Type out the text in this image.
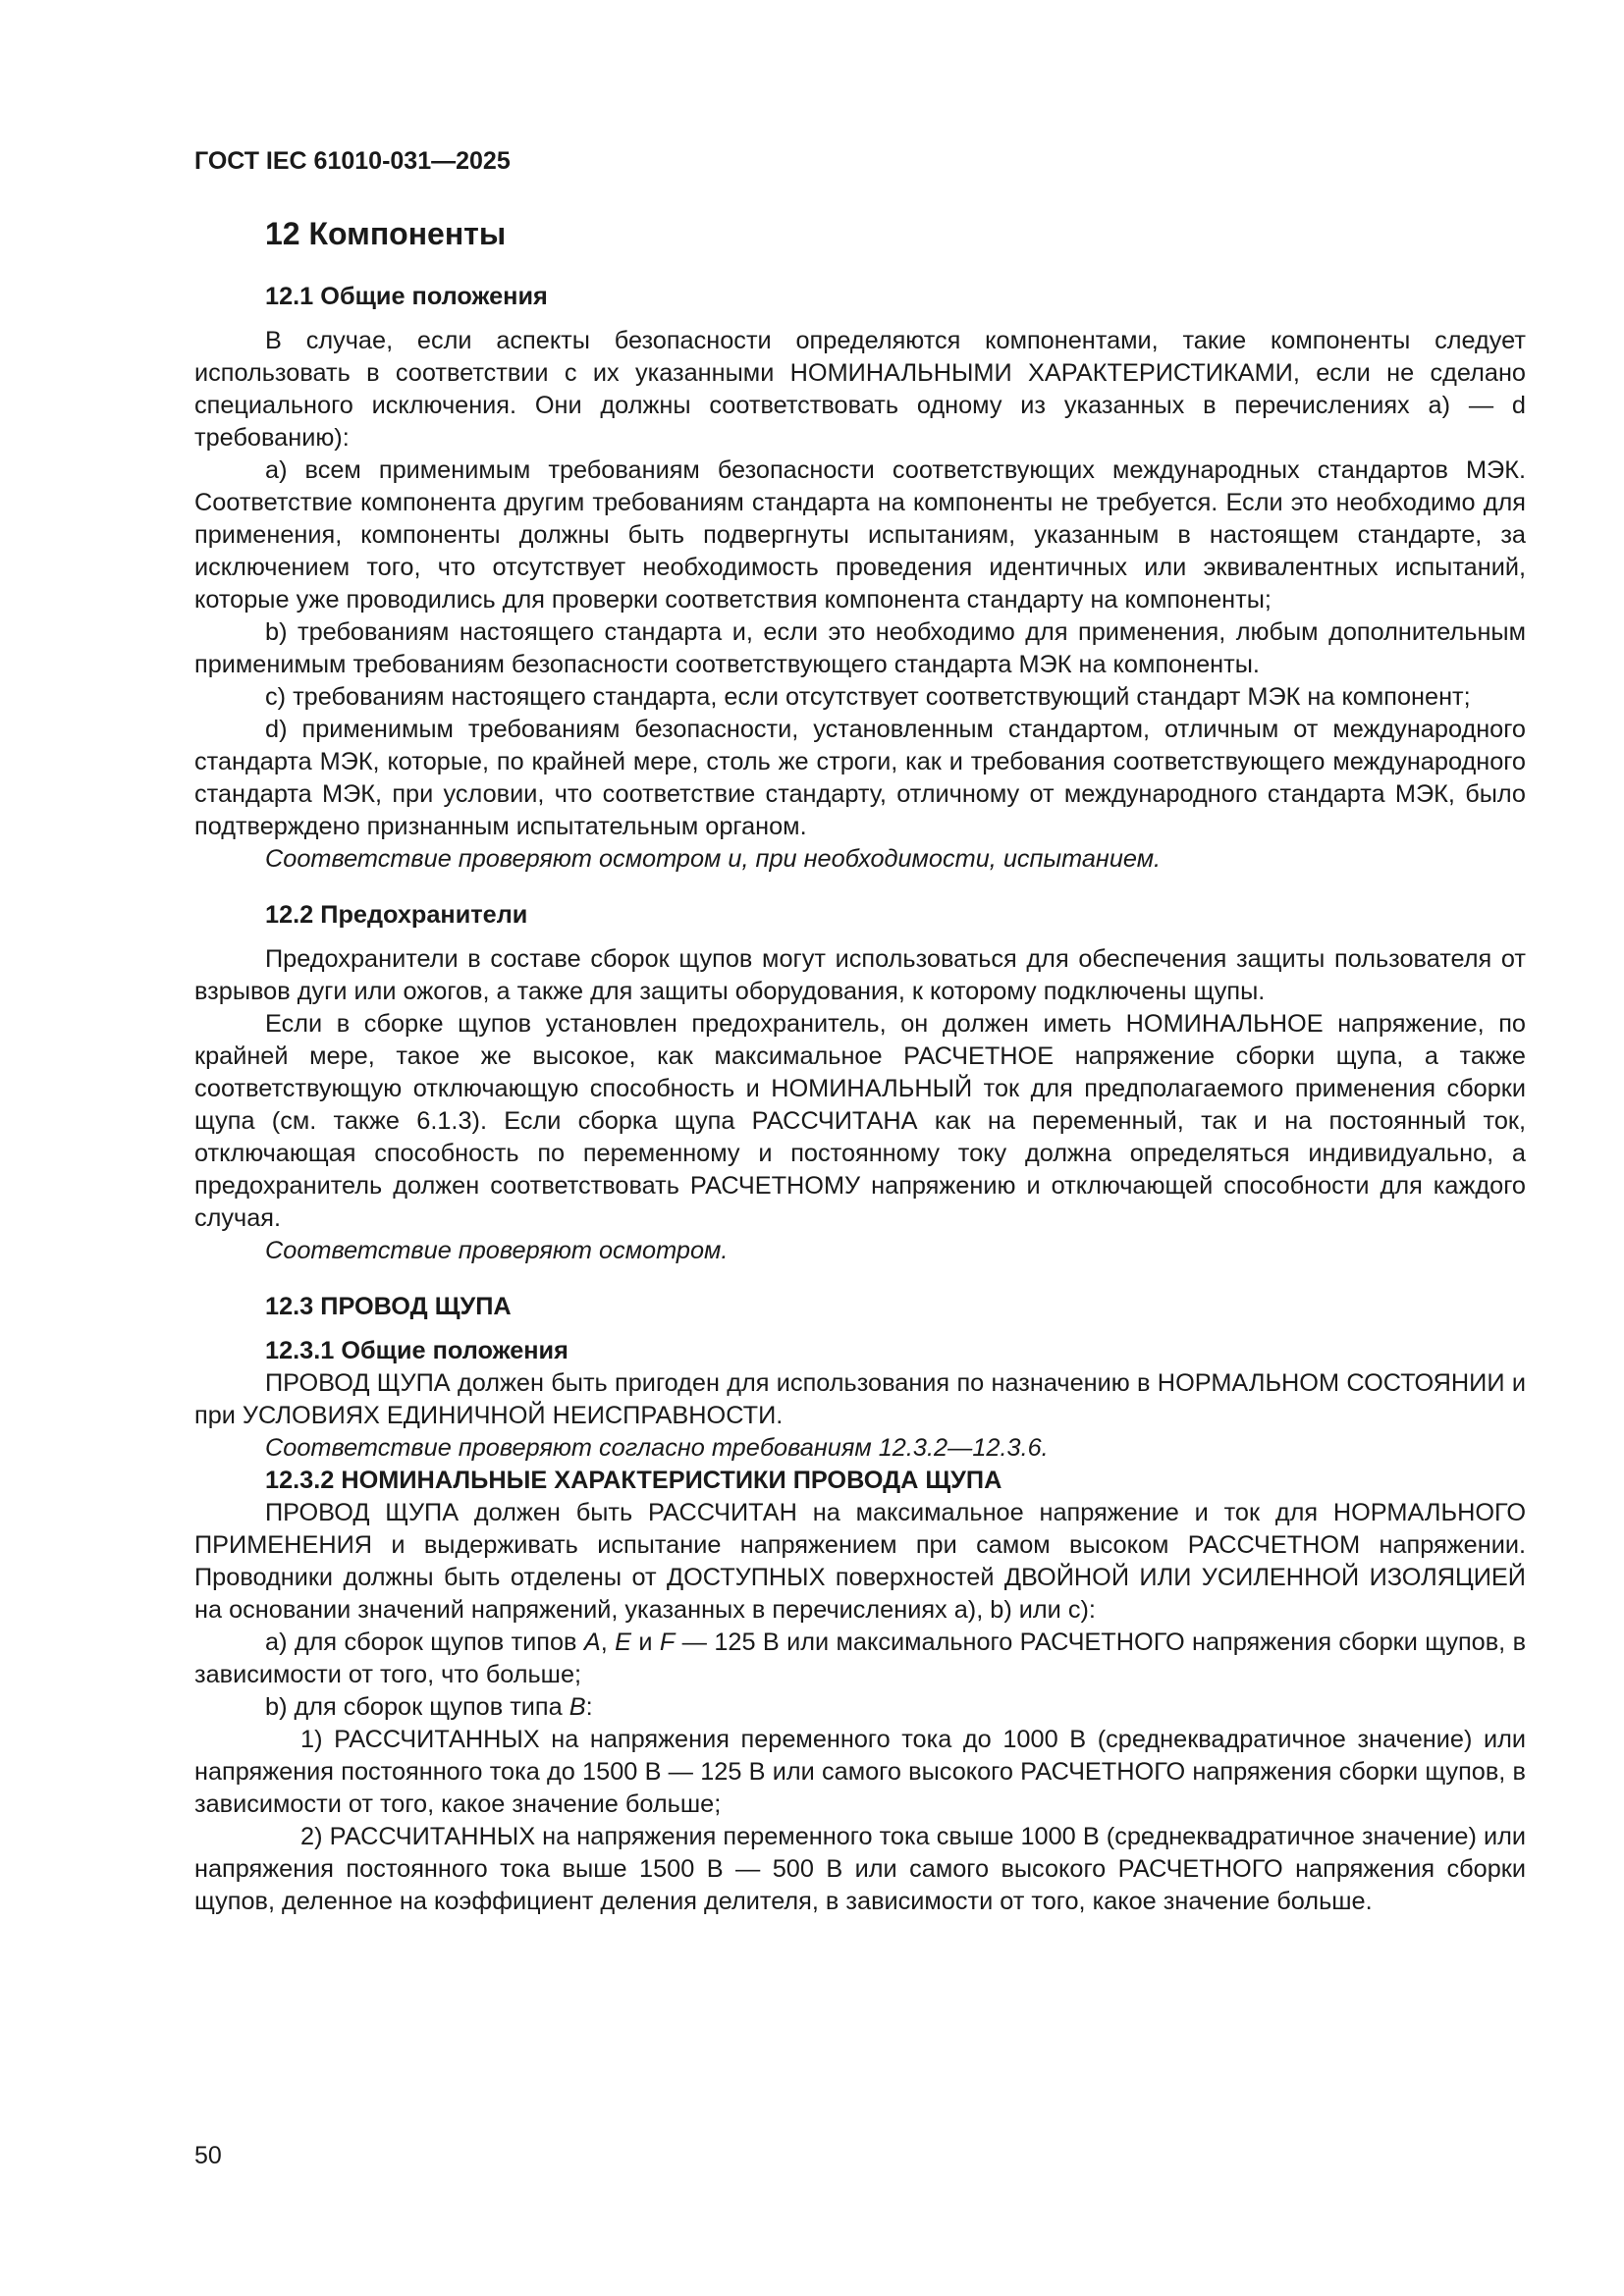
ГОСТ IEC 61010-031—2025
12 Компоненты
12.1 Общие положения

В случае, если аспекты безопасности определяются компонентами, такие компоненты следует использовать в соответствии с их указанными НОМИНАЛЬНЫМИ ХАРАКТЕРИСТИКАМИ, если не сделано специального исключения. Они должны соответствовать одному из указанных в перечислениях a) — d требованию):

a) всем применимым требованиям безопасности соответствующих международных стандартов МЭК. Соответствие компонента другим требованиям стандарта на компоненты не требуется. Если это необходимо для применения, компоненты должны быть подвергнуты испытаниям, указанным в настоящем стандарте, за исключением того, что отсутствует необходимость проведения идентичных или эквивалентных испытаний, которые уже проводились для проверки соответствия компонента стандарту на компоненты;

b) требованиям настоящего стандарта и, если это необходимо для применения, любым дополнительным применимым требованиям безопасности соответствующего стандарта МЭК на компоненты.

c) требованиям настоящего стандарта, если отсутствует соответствующий стандарт МЭК на компонент;

d) применимым требованиям безопасности, установленным стандартом, отличным от международного стандарта МЭК, которые, по крайней мере, столь же строги, как и требования соответствующего международного стандарта МЭК, при условии, что соответствие стандарту, отличному от международного стандарта МЭК, было подтверждено признанным испытательным органом.

Соответствие проверяют осмотром и, при необходимости, испытанием.

12.2 Предохранители

Предохранители в составе сборок щупов могут использоваться для обеспечения защиты пользователя от взрывов дуги или ожогов, а также для защиты оборудования, к которому подключены щупы.

Если в сборке щупов установлен предохранитель, он должен иметь НОМИНАЛЬНОЕ напряжение, по крайней мере, такое же высокое, как максимальное РАСЧЕТНОЕ напряжение сборки щупа, а также соответствующую отключающую способность и НОМИНАЛЬНЫЙ ток для предполагаемого применения сборки щупа (см. также 6.1.3). Если сборка щупа РАССЧИТАНА как на переменный, так и на постоянный ток, отключающая способность по переменному и постоянному току должна определяться индивидуально, а предохранитель должен соответствовать РАСЧЕТНОМУ напряжению и отключающей способности для каждого случая.

Соответствие проверяют осмотром.

12.3 ПРОВОД ЩУПА
12.3.1 Общие положения

ПРОВОД ЩУПА должен быть пригоден для использования по назначению в НОРМАЛЬНОМ СОСТОЯНИИ и при УСЛОВИЯХ ЕДИНИЧНОЙ НЕИСПРАВНОСТИ.

Соответствие проверяют согласно требованиям 12.3.2—12.3.6.

12.3.2 НОМИНАЛЬНЫЕ ХАРАКТЕРИСТИКИ ПРОВОДА ЩУПА

ПРОВОД ЩУПА должен быть РАССЧИТАН на максимальное напряжение и ток для НОРМАЛЬНОГО ПРИМЕНЕНИЯ и выдерживать испытание напряжением при самом высоком РАССЧЕТНОМ напряжении. Проводники должны быть отделены от ДОСТУПНЫХ поверхностей ДВОЙНОЙ ИЛИ УСИЛЕННОЙ ИЗОЛЯЦИЕЙ на основании значений напряжений, указанных в перечислениях a), b) или c):

a) для сборок щупов типов A, E и F — 125 В или максимального РАСЧЕТНОГО напряжения сборки щупов, в зависимости от того, что больше;

b) для сборок щупов типа B:

1) РАССЧИТАННЫХ на напряжения переменного тока до 1000 В (среднеквадратичное значение) или напряжения постоянного тока до 1500 В — 125 В или самого высокого РАСЧЕТНОГО напряжения сборки щупов, в зависимости от того, какое значение больше;

2) РАССЧИТАННЫХ на напряжения переменного тока свыше 1000 В (среднеквадратичное значение) или напряжения постоянного тока выше 1500 В — 500 В или самого высокого РАСЧЕТНОГО напряжения сборки щупов, деленное на коэффициент деления делителя, в зависимости от того, какое значение больше.

50
